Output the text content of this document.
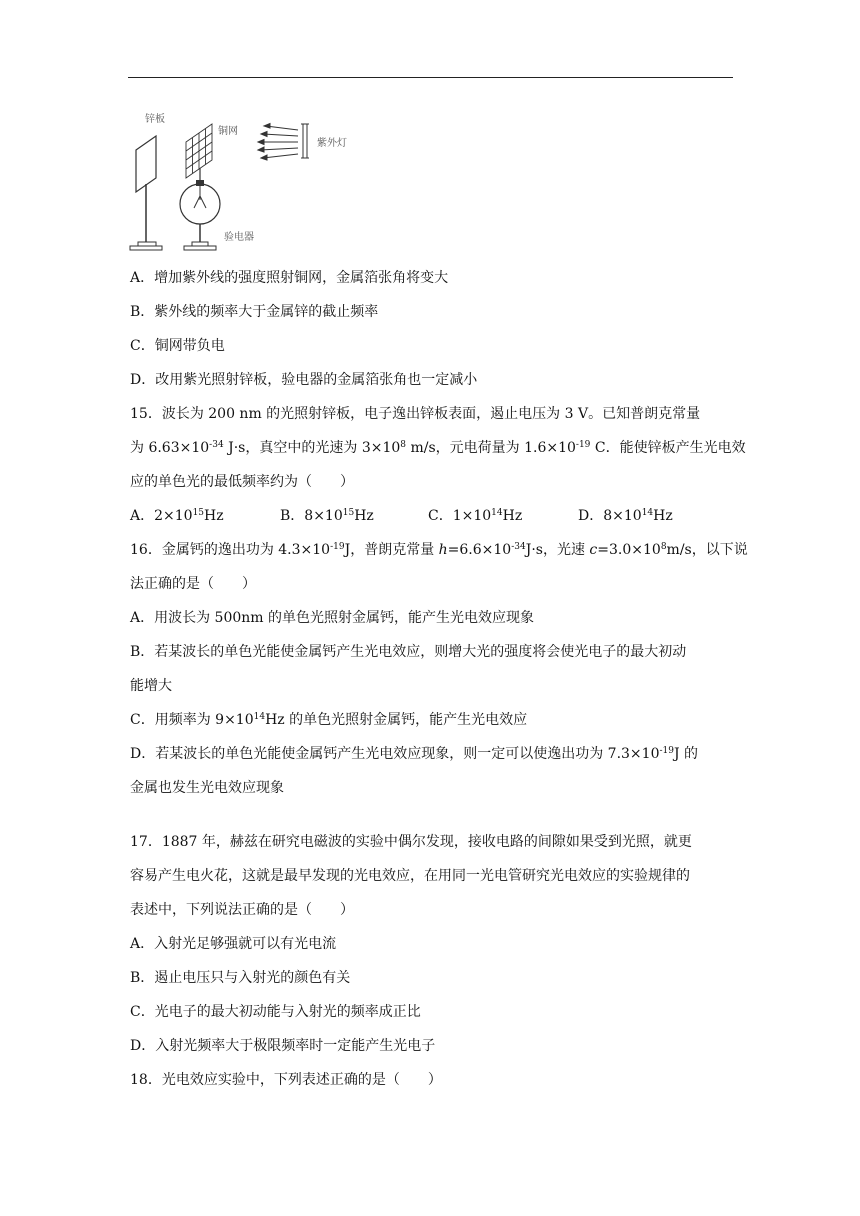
锌板
铜网
验电器
紫外灯
A．增加紫外线的强度照射铜网，金属箔张角将变大
B．紫外线的频率大于金属锌的截止频率
C．铜网带负电
D．改用紫光照射锌板，验电器的金属箔张角也一定减小
15．波长为 200 nm 的光照射锌板，电子逸出锌板表面，遏止电压为 3 V。已知普朗克常量
为 $6.63\times 10^{-34}$ J·s，真空中的光速为 $3\times 10^8$ m/s，元电荷量为 $1.6\times 10^{-19}$ C．能使锌板产生光电效
应的单色光的最低频率约为（　　）
A．$2\times 10^{15}Hz$	B．$8\times 10^{15}Hz$	C．$1\times 10^{14}Hz$	D．$8\times 10^{14}Hz$
16．金属钙的逸出功为 $4.3\times 10^{-19}J$，普朗克常量 $h=6.6\times 10^{-34}J\cdot s$，光速 $c=3.0\times 10^8m/s$，以下说
法正确的是（　　）
A．用波长为 500nm 的单色光照射金属钙，能产生光电效应现象
B．若某波长的单色光能使金属钙产生光电效应，则增大光的强度将会使光电子的最大初动
能增大
C．用频率为 $9\times 10^{14}Hz$ 的单色光照射金属钙，能产生光电效应
D．若某波长的单色光能使金属钙产生光电效应现象，则一定可以使逸出功为 $7.3\times 10^{-19}J$ 的
金属也发生光电效应现象
17．1887 年，赫兹在研究电磁波的实验中偶尔发现，接收电路的间隙如果受到光照，就更
容易产生电火花，这就是最早发现的光电效应，在用同一光电管研究光电效应的实验规律的
表述中，下列说法正确的是（　　）
A．入射光足够强就可以有光电流
B．遏止电压只与入射光的颜色有关
C．光电子的最大初动能与入射光的频率成正比
D．入射光频率大于极限频率时一定能产生光电子
18．光电效应实验中，下列表述正确的是（　　）
